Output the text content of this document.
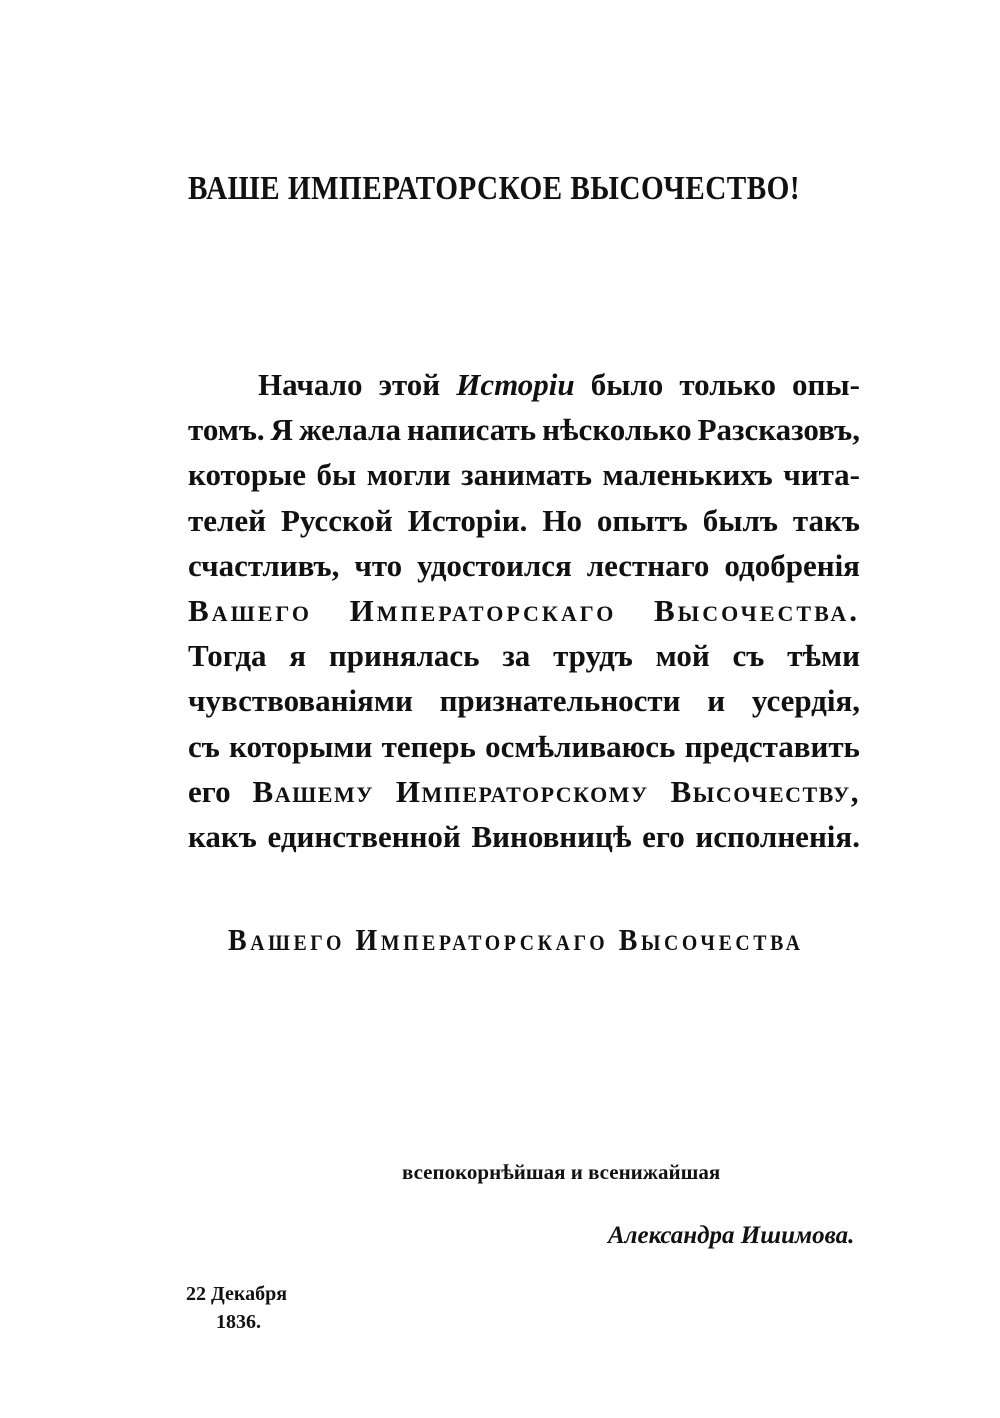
ВАШЕ ИМПЕРАТОРСКОЕ ВЫСОЧЕСТВО!
Начало этой Исторіи было только опы-
томъ. Я желала написать нѣсколько Разсказовъ,
которые бы могли занимать маленькихъ чита-
телей Русской Исторіи. Но опытъ былъ такъ
счастливъ, что удостоился лестнаго одобренія
Вашего Императорскаго Высочества.
Тогда я принялась за трудъ мой съ тѣми
чувствованіями признательности и усердія,
съ которыми теперь осмѣливаюсь представить
его Вашему Императорскому Высочеству,
какъ единственной Виновницѣ его исполненія.
Вашего Императорскаго Высочества
всепокорнѣйшая и всенижайшая
Александра Ишимова.
22 Декабря
1836.
